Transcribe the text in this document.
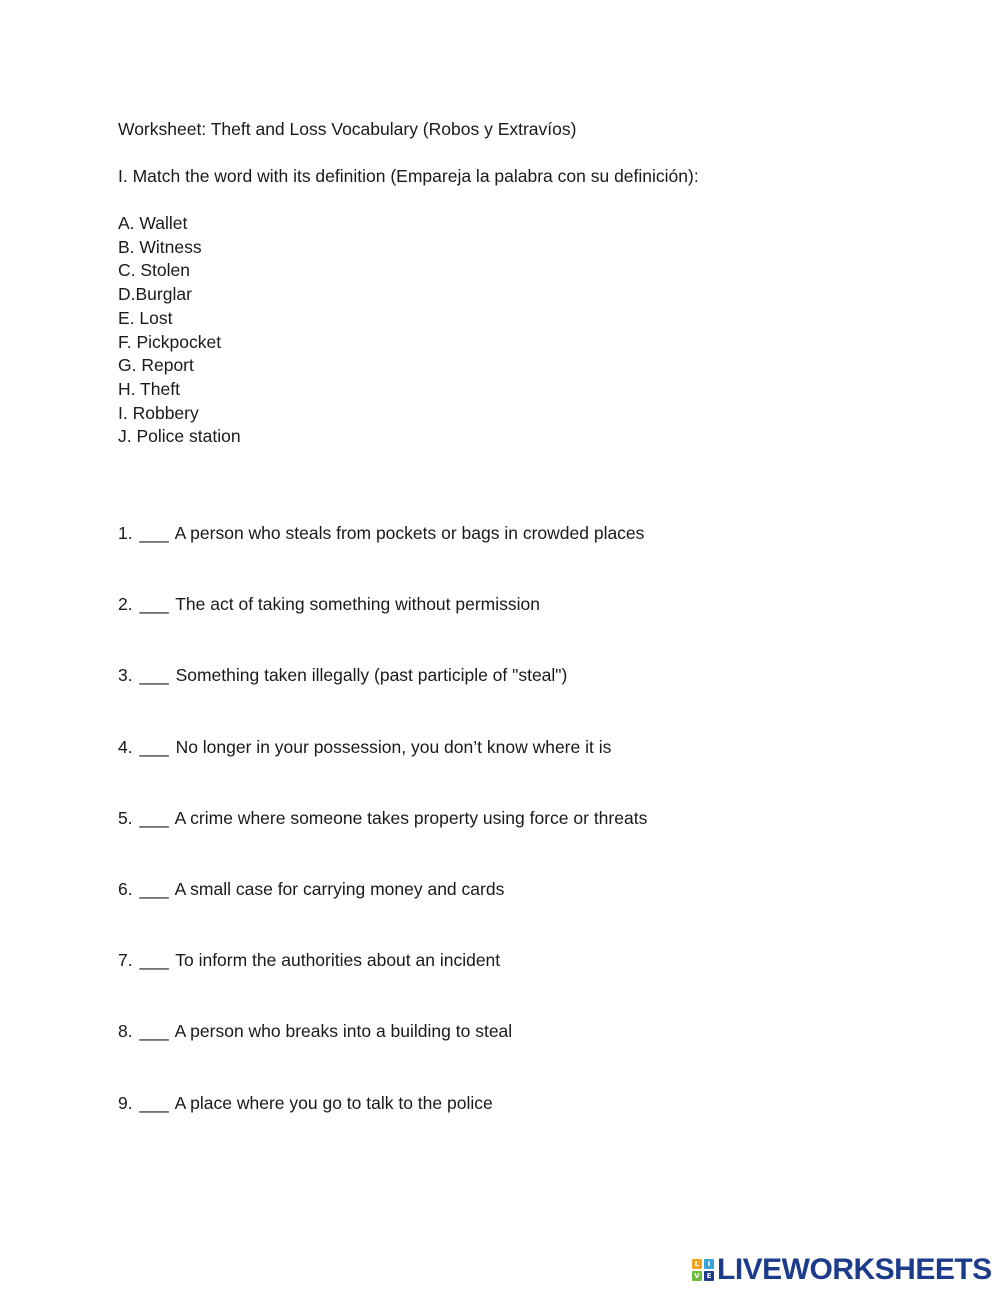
Worksheet: Theft and Loss Vocabulary (Robos y Extravíos)
I. Match the word with its definition (Empareja la palabra con su definición):
A. Wallet
B. Witness
C. Stolen
D.Burglar
E. Lost
F. Pickpocket
G. Report
H. Theft
I. Robbery
J. Police station
1. ___ A person who steals from pockets or bags in crowded places
2. ___ The act of taking something without permission
3. ___ Something taken illegally (past participle of "steal")
4. ___ No longer in your possession, you don’t know where it is
5. ___ A crime where someone takes property using force or threats
6. ___ A small case for carrying money and cards
7. ___ To inform the authorities about an incident
8. ___ A person who breaks into a building to steal
9. ___ A place where you go to talk to the police
L	I
V E LIVEWORKSHEETS
